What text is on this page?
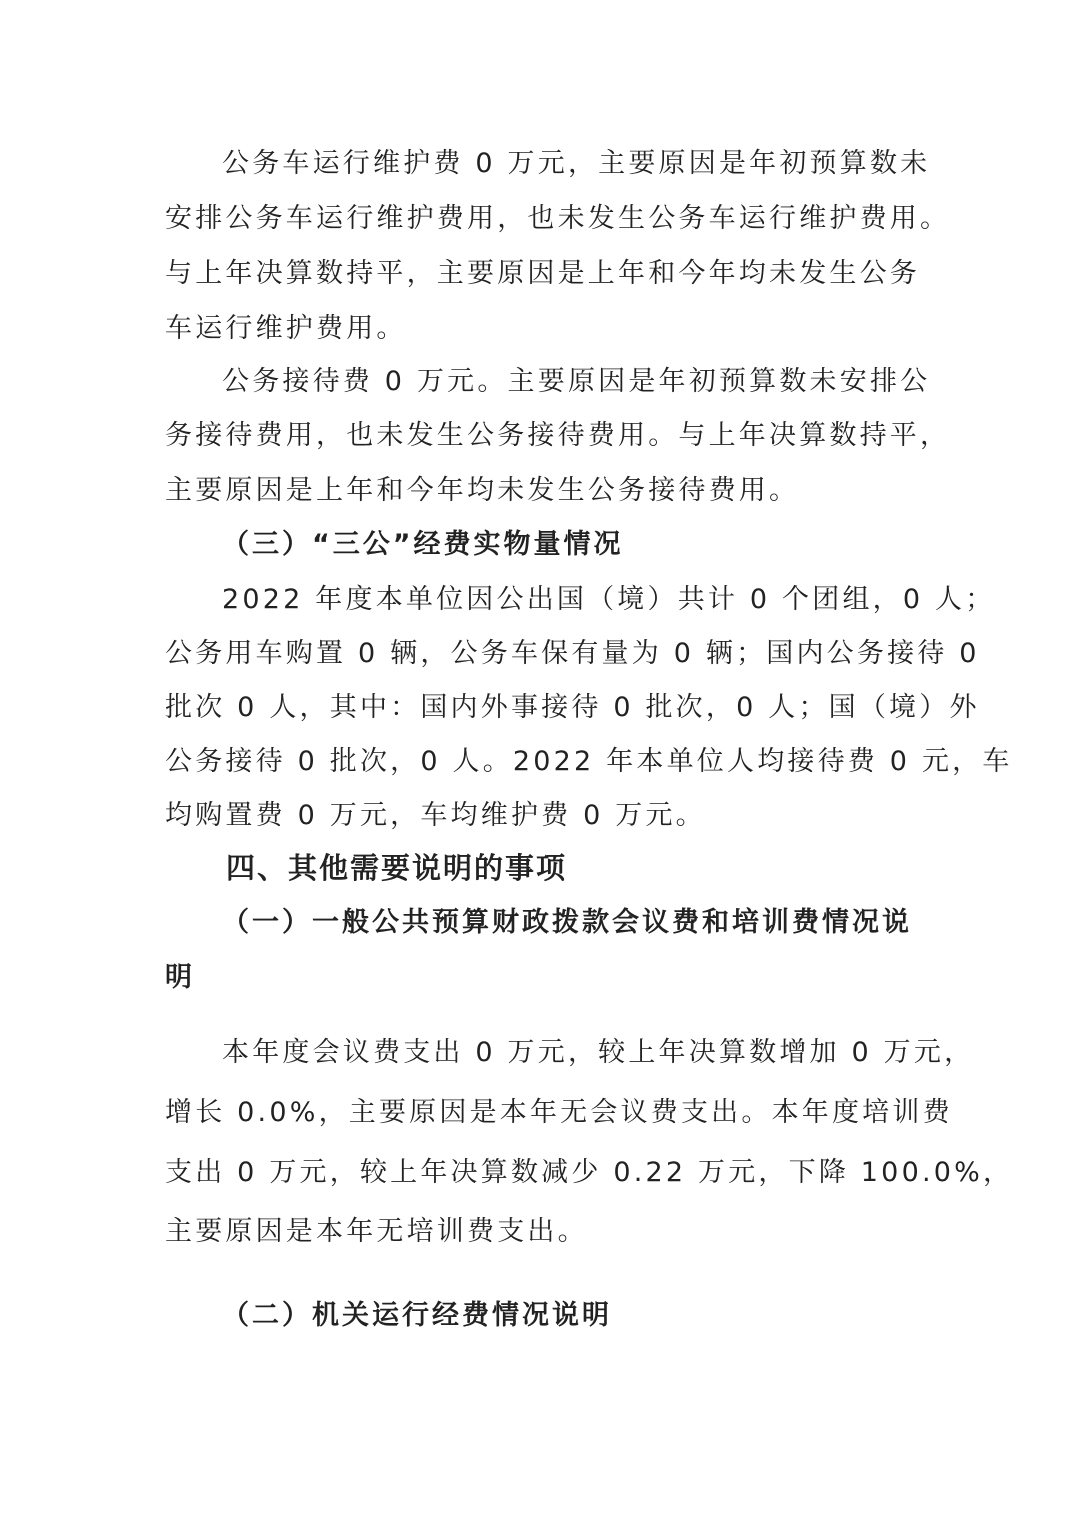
公务车运行维护费 0 万元，主要原因是年初预算数未
安排公务车运行维护费用，也未发生公务车运行维护费用。
与上年决算数持平，主要原因是上年和今年均未发生公务
车运行维护费用。
公务接待费 0 万元。主要原因是年初预算数未安排公
务接待费用，也未发生公务接待费用。与上年决算数持平，
主要原因是上年和今年均未发生公务接待费用。
（三）“三公”经费实物量情况
2022 年度本单位因公出国（境）共计 0 个团组，0 人；
公务用车购置 0 辆，公务车保有量为 0 辆；国内公务接待 0
批次 0 人，其中：国内外事接待 0 批次，0 人；国（境）外
公务接待 0 批次，0 人。2022 年本单位人均接待费 0 元，车
均购置费 0 万元，车均维护费 0 万元。
四、其他需要说明的事项
（一）一般公共预算财政拨款会议费和培训费情况说
明
本年度会议费支出 0 万元，较上年决算数增加 0 万元，
增长 0.0%，主要原因是本年无会议费支出。本年度培训费
支出 0 万元，较上年决算数减少 0.22 万元，下降 100.0%，
主要原因是本年无培训费支出。
（二）机关运行经费情况说明
